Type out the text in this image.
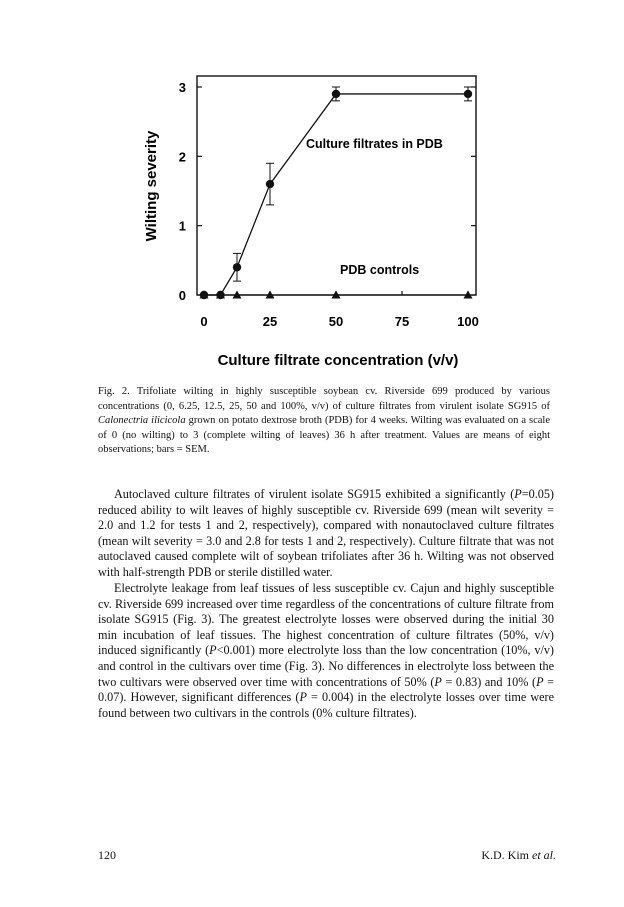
0
1
2
3
0	25	50	75	100
Wilting severity
Culture filtrate concentration (v/v)
Culture filtrates in PDB
PDB controls
Fig. 2. Trifoliate wilting in highly susceptible soybean cv. Riverside 699 produced by various concentrations (0, 6.25, 12.5, 25, 50 and 100%, v/v) of culture filtrates from virulent isolate SG915 of Calonectria ilicicola grown on potato dextrose broth (PDB) for 4 weeks. Wilting was evaluated on a scale of 0 (no wilting) to 3 (complete wilting of leaves) 36 h after treatment. Values are means of eight observations; bars = SEM.
Autoclaved culture filtrates of virulent isolate SG915 exhibited a significantly (P=0.05) reduced ability to wilt leaves of highly susceptible cv. Riverside 699 (mean wilt severity = 2.0 and 1.2 for tests 1 and 2, respectively), compared with nonautoclaved culture filtrates (mean wilt severity = 3.0 and 2.8 for tests 1 and 2, respectively). Culture filtrate that was not autoclaved caused complete wilt of soybean trifoliates after 36 h. Wilting was not observed with half-strength PDB or sterile distilled water.
Electrolyte leakage from leaf tissues of less susceptible cv. Cajun and highly susceptible cv. Riverside 699 increased over time regardless of the concentrations of culture filtrate from isolate SG915 (Fig. 3). The greatest electrolyte losses were observed during the initial 30 min incubation of leaf tissues. The highest concentration of culture filtrates (50%, v/v) induced significantly (P<0.001) more electrolyte loss than the low concentration (10%, v/v) and control in the cultivars over time (Fig. 3). No differences in electrolyte loss between the two cultivars were observed over time with concentrations of 50% (P = 0.83) and 10% (P = 0.07). However, significant differences (P = 0.004) in the electrolyte losses over time were found between two cultivars in the controls (0% culture filtrates).
120	K.D. Kim et al.
